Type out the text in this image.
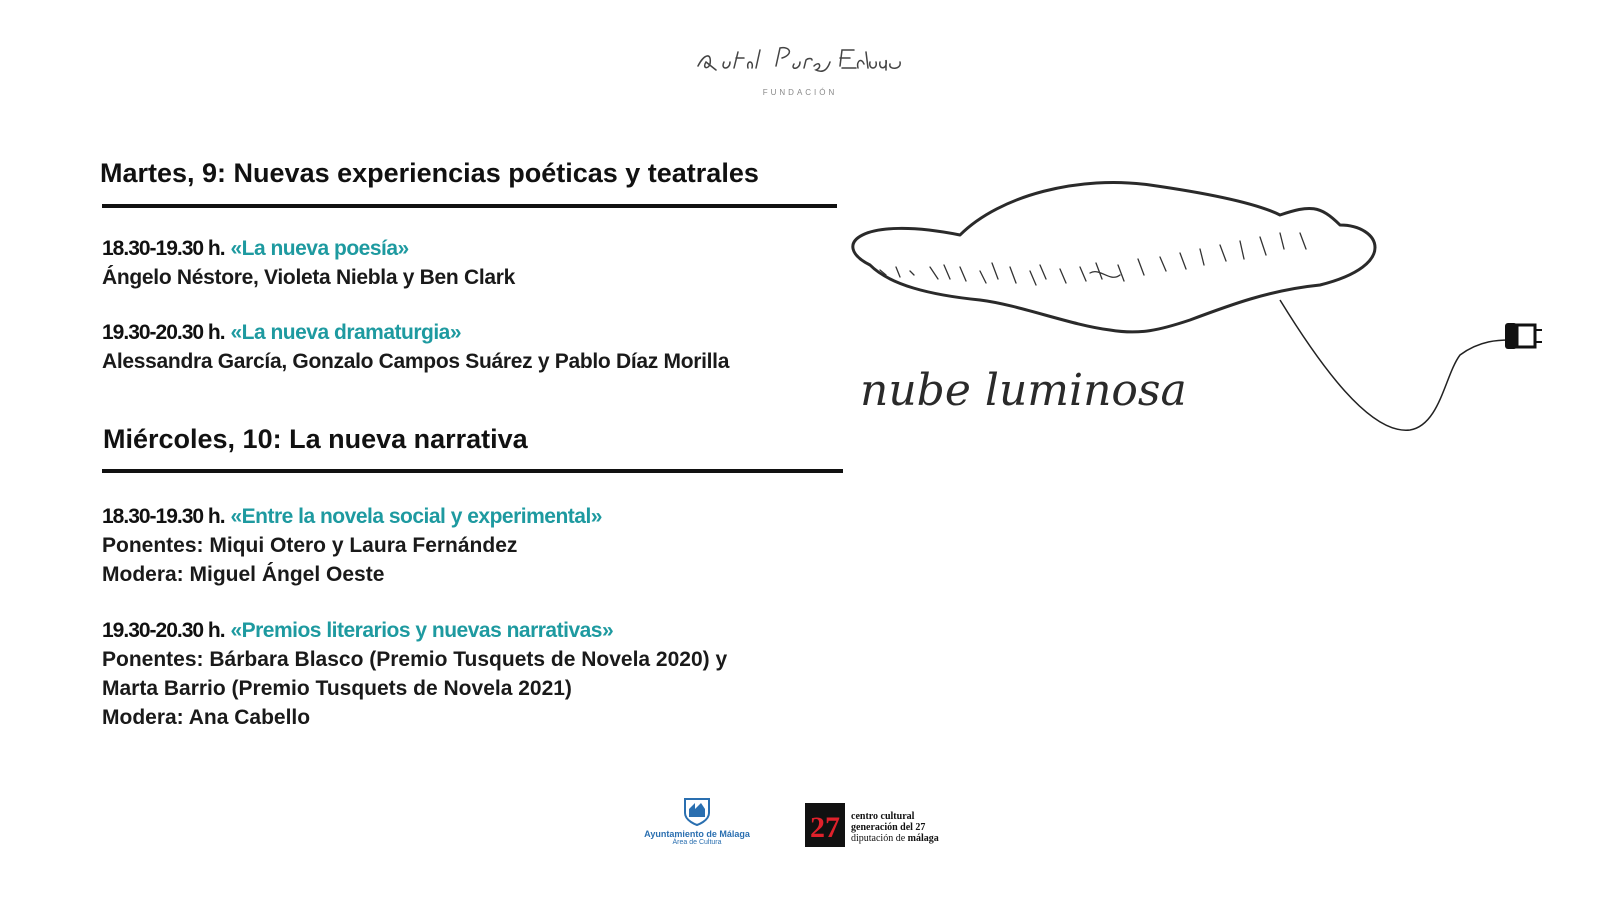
FUNDACIÓN
Martes, 9: Nuevas experiencias poéticas y teatrales
18.30-19.30 h. «La nueva poesía»
Ángelo Néstore, Violeta Niebla y Ben Clark
19.30-20.30 h. «La nueva dramaturgia»
Alessandra García, Gonzalo Campos Suárez y Pablo Díaz Morilla
Miércoles, 10: La nueva narrativa
18.30-19.30 h. «Entre la novela social y experimental»
Ponentes: Miqui Otero y Laura Fernández
Modera: Miguel Ángel Oeste
19.30-20.30 h. «Premios literarios y nuevas narrativas»
Ponentes: Bárbara Blasco (Premio Tusquets de Novela 2020) y
Marta Barrio (Premio Tusquets de Novela 2021)
Modera: Ana Cabello
nube luminosa
Ayuntamiento de Málaga
Área de Cultura	27	centro cultural
generación del 27
diputación de málaga
